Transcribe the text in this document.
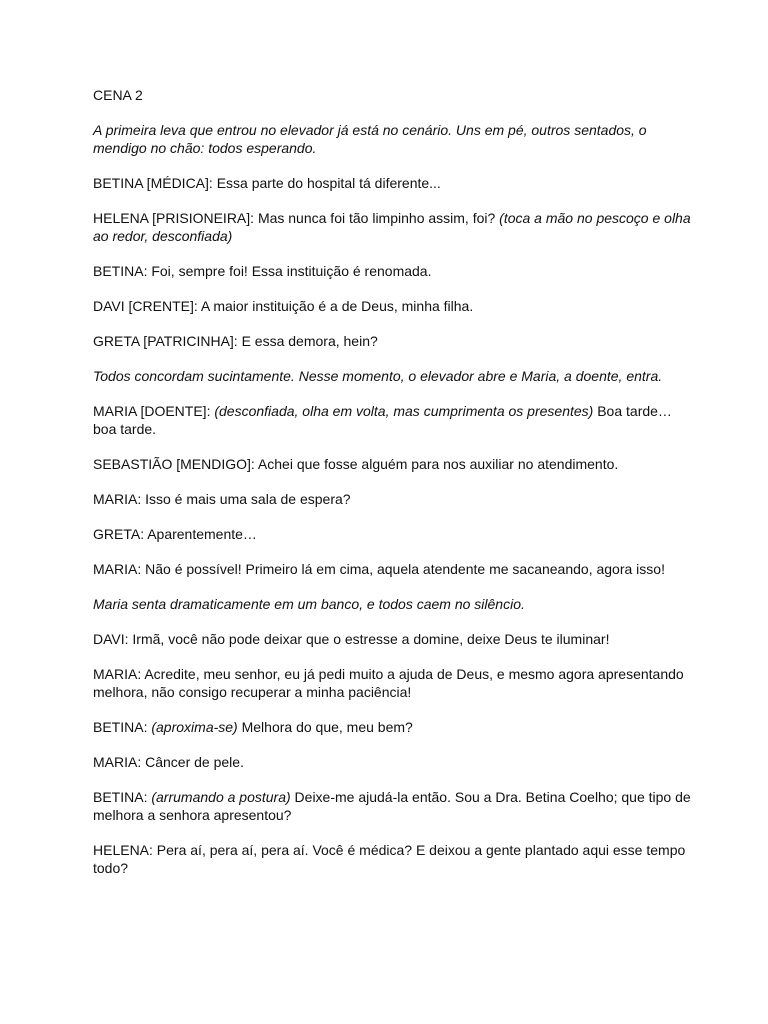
CENA 2

A primeira leva que entrou no elevador já está no cenário. Uns em pé, outros sentados, o mendigo no chão: todos esperando.

BETINA [MÉDICA]: Essa parte do hospital tá diferente...

HELENA [PRISIONEIRA]: Mas nunca foi tão limpinho assim, foi? (toca a mão no pescoço e olha ao redor, desconfiada)

BETINA: Foi, sempre foi! Essa instituição é renomada.

DAVI [CRENTE]: A maior instituição é a de Deus, minha filha.

GRETA [PATRICINHA]: E essa demora, hein?

Todos concordam sucintamente. Nesse momento, o elevador abre e Maria, a doente, entra.

MARIA [DOENTE]: (desconfiada, olha em volta, mas cumprimenta os presentes) Boa tarde… boa tarde.

SEBASTIÃO [MENDIGO]: Achei que fosse alguém para nos auxiliar no atendimento.

MARIA: Isso é mais uma sala de espera?

GRETA: Aparentemente…

MARIA: Não é possível! Primeiro lá em cima, aquela atendente me sacaneando, agora isso!

Maria senta dramaticamente em um banco, e todos caem no silêncio.

DAVI: Irmã, você não pode deixar que o estresse a domine, deixe Deus te iluminar!

MARIA: Acredite, meu senhor, eu já pedi muito a ajuda de Deus, e mesmo agora apresentando melhora, não consigo recuperar a minha paciência!

BETINA: (aproxima-se) Melhora do que, meu bem?

MARIA: Câncer de pele.

BETINA: (arrumando a postura) Deixe-me ajudá-la então. Sou a Dra. Betina Coelho; que tipo de melhora a senhora apresentou?

HELENA: Pera aí, pera aí, pera aí. Você é médica? E deixou a gente plantado aqui esse tempo todo?
